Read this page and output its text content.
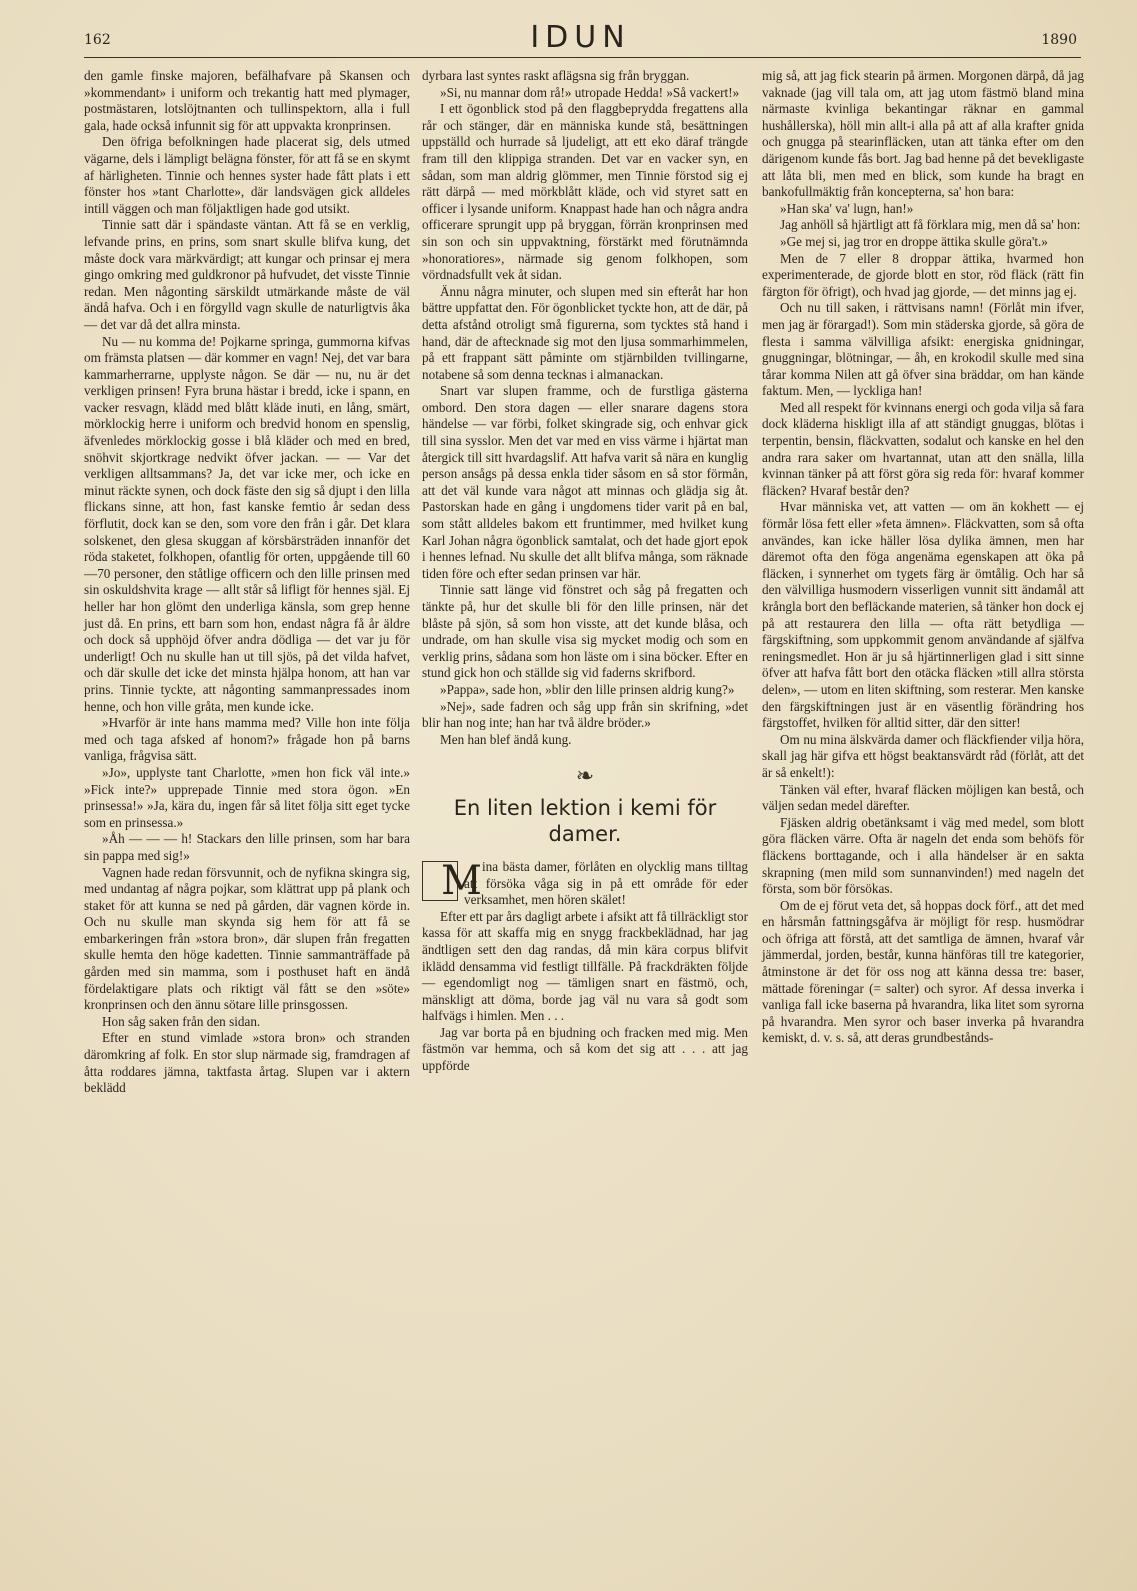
162	IDUN	1890

den gamle finske majoren, befälhafvare på Skansen och »kommendant» i uniform och trekantig hatt med plymager, postmästaren, lotslöjtnanten och tullinspektorn, alla i full gala, hade också infunnit sig för att uppvakta kronprinsen.

Den öfriga befolkningen hade placerat sig, dels utmed vägarne, dels i lämpligt belägna fönster, för att få se en skymt af härligheten. Tinnie och hennes syster hade fått plats i ett fönster hos »tant Charlotte», där landsvägen gick alldeles intill väggen och man följaktligen hade god utsikt.

Tinnie satt där i spändaste väntan. Att få se en verklig, lefvande prins, en prins, som snart skulle blifva kung, det måste dock vara märkvärdigt; att kungar och prinsar ej mera gingo omkring med guldkronor på hufvudet, det visste Tinnie redan. Men någonting särskildt utmärkande måste de väl ändå hafva. Och i en förgylld vagn skulle de naturligtvis åka — det var då det allra minsta.

Nu — nu komma de! Pojkarne springa, gummorna kifvas om främsta platsen — där kommer en vagn! Nej, det var bara kammarherrarne, upplyste någon. Se där — nu, nu är det verkligen prinsen! Fyra bruna hästar i bredd, icke i spann, en vacker resvagn, klädd med blått kläde inuti, en lång, smärt, mörklockig herre i uniform och bredvid honom en spenslig, äfvenledes mörklockig gosse i blå kläder och med en bred, snöhvit skjortkrage nedvikt öfver jackan. — — Var det verkligen alltsammans? Ja, det var icke mer, och icke en minut räckte synen, och dock fäste den sig så djupt i den lilla flickans sinne, att hon, fast kanske femtio år sedan dess förflutit, dock kan se den, som vore den från i går. Det klara solskenet, den glesa skuggan af körsbärsträden innanför det röda staketet, folkhopen, ofantlig för orten, uppgående till 60—70 personer, den ståtlige officern och den lille prinsen med sin oskuldshvita krage — allt står så lifligt för hennes själ. Ej heller har hon glömt den underliga känsla, som grep henne just då. En prins, ett barn som hon, endast några få år äldre och dock så upphöjd öfver andra dödliga — det var ju för underligt! Och nu skulle han ut till sjös, på det vilda hafvet, och där skulle det icke det minsta hjälpa honom, att han var prins. Tinnie tyckte, att någonting sammanpressades inom henne, och hon ville gråta, men kunde icke.

»Hvarför är inte hans mamma med? Ville hon inte följa med och taga afsked af honom?» frågade hon på barns vanliga, frågvisa sätt.

»Jo», upplyste tant Charlotte, »men hon fick väl inte.» »Fick inte?» upprepade Tinnie med stora ögon. »En prinsessa!» »Ja, kära du, ingen får så litet följa sitt eget tycke som en prinsessa.»

»Åh — — — h! Stackars den lille prinsen, som har bara sin pappa med sig!»

Vagnen hade redan försvunnit, och de nyfikna skingra sig, med undantag af några pojkar, som klättrat upp på plank och staket för att kunna se ned på gården, där vagnen körde in. Och nu skulle man skynda sig hem för att få se embarkeringen från »stora bron», där slupen från fregatten skulle hemta den höge kadetten. Tinnie sammanträffade på gården med sin mamma, som i posthuset haft en ändå fördelaktigare plats och riktigt väl fått se den »söte» kronprinsen och den ännu sötare lille prinsgossen.

Hon såg saken från den sidan.

Efter en stund vimlade »stora bron» och stranden däromkring af folk. En stor slup närmade sig, framdragen af åtta roddares jämna, taktfasta årtag. Slupen var i aktern beklädd

dyrbara last syntes raskt aflägsna sig från bryggan.

»Si, nu mannar dom rå!» utropade Hedda! »Så vackert!»

I ett ögonblick stod på den flaggbeprydda fregattens alla rår och stänger, där en människa kunde stå, besättningen uppställd och hurrade så ljudeligt, att ett eko däraf trängde fram till den klippiga stranden. Det var en vacker syn, en sådan, som man aldrig glömmer, men Tinnie förstod sig ej rätt därpå — med mörkblått kläde, och vid styret satt en officer i lysande uniform. Knappast hade han och några andra officerare sprungit upp på bryggan, förrän kronprinsen med sin son och sin uppvaktning, förstärkt med förutnämnda »honoratiores», närmade sig genom folkhopen, som vördnadsfullt vek åt sidan.

Ännu några minuter, och slupen med sin efteråt har hon bättre uppfattat den. För ögonblicket tyckte hon, att de där, på detta afstånd otroligt små figurerna, som tycktes stå hand i hand, där de aftecknade sig mot den ljusa sommarhimmelen, på ett frappant sätt påminte om stjärnbilden tvillingarne, notabene så som denna tecknas i almanackan.

Snart var slupen framme, och de furstliga gästerna ombord. Den stora dagen — eller snarare dagens stora händelse — var förbi, folket skingrade sig, och enhvar gick till sina sysslor. Men det var med en viss värme i hjärtat man återgick till sitt hvardagslif. Att hafva varit så nära en kunglig person ansågs på dessa enkla tider såsom en så stor förmån, att det väl kunde vara något att minnas och glädja sig åt. Pastorskan hade en gång i ungdomens tider varit på en bal, som stått alldeles bakom ett fruntimmer, med hvilket kung Karl Johan några ögonblick samtalat, och det hade gjort epok i hennes lefnad. Nu skulle det allt blifva många, som räknade tiden före och efter sedan prinsen var här.

Tinnie satt länge vid fönstret och såg på fregatten och tänkte på, hur det skulle bli för den lille prinsen, när det blåste på sjön, så som hon visste, att det kunde blåsa, och undrade, om han skulle visa sig mycket modig och som en verklig prins, sådana som hon läste om i sina böcker. Efter en stund gick hon och ställde sig vid faderns skrifbord.

»Pappa», sade hon, »blir den lille prinsen aldrig kung?»

»Nej», sade fadren och såg upp från sin skrifning, »det blir han nog inte; han har två äldre bröder.»

Men han blef ändå kung.

❧
En liten lektion i kemi för damer.

M ina bästa damer, förlåten en olycklig mans tilltag att försöka våga sig in på ett område för eder verksamhet, men hören skälet!

Efter ett par års dagligt arbete i afsikt att få tillräckligt stor kassa för att skaffa mig en snygg frackbeklädnad, har jag ändtligen sett den dag randas, då min kära corpus blifvit iklädd densamma vid festligt tillfälle. På frackdräkten följde — egendomligt nog — tämligen snart en fästmö, och, mänskligt att döma, borde jag väl nu vara så godt som halfvägs i himlen. Men . . .

Jag var borta på en bjudning och fracken med mig. Men fästmön var hemma, och så kom det sig att . . . att jag uppförde

mig så, att jag fick stearin på ärmen. Morgonen därpå, då jag vaknade (jag vill tala om, att jag utom fästmö bland mina närmaste kvinliga bekantingar räknar en gammal hushållerska), höll min allt-i alla på att af alla krafter gnida och gnugga på stearinfläcken, utan att tänka efter om den därigenom kunde fås bort. Jag bad henne på det bevekligaste att låta bli, men med en blick, som kunde ha bragt en bankofullmäktig från koncepterna, sa' hon bara:

»Han ska' va' lugn, han!»

Jag anhöll så hjärtligt att få förklara mig, men då sa' hon:

»Ge mej si, jag tror en droppe ättika skulle göra't.»

Men de 7 eller 8 droppar ättika, hvarmed hon experimenterade, de gjorde blott en stor, röd fläck (rätt fin färgton för öfrigt), och hvad jag gjorde, — det minns jag ej.

Och nu till saken, i rättvisans namn! (Förlåt min ifver, men jag är förargad!). Som min städerska gjorde, så göra de flesta i samma välvilliga afsikt: energiska gnidningar, gnuggningar, blötningar, — åh, en krokodil skulle med sina tårar komma Nilen att gå öfver sina bräddar, om han kände faktum. Men, — lyckliga han!

Med all respekt för kvinnans energi och goda vilja så fara dock kläderna hiskligt illa af att ständigt gnuggas, blötas i terpentin, bensin, fläckvatten, sodalut och kanske en hel den andra rara saker om hvartannat, utan att den snälla, lilla kvinnan tänker på att först göra sig reda för: hvaraf kommer fläcken? Hvaraf består den?

Hvar människa vet, att vatten — om än kokhett — ej förmår lösa fett eller »feta ämnen». Fläckvatten, som så ofta användes, kan icke häller lösa dylika ämnen, men har däremot ofta den föga angenäma egenskapen att öka på fläcken, i synnerhet om tygets färg är ömtålig. Och har så den välvilliga husmodern visserligen vunnit sitt ändamål att krångla bort den befläckande materien, så tänker hon dock ej på att restaurera den lilla — ofta rätt betydliga — färgskiftning, som uppkommit genom användande af själfva reningsmedlet. Hon är ju så hjärtinnerligen glad i sitt sinne öfver att hafva fått bort den otäcka fläcken »till allra största delen», — utom en liten skiftning, som resterar. Men kanske den färgskiftningen just är en väsentlig förändring hos färgstoffet, hvilken för alltid sitter, där den sitter!

Om nu mina älskvärda damer och fläckfiender vilja höra, skall jag här gifva ett högst beaktansvärdt råd (förlåt, att det är så enkelt!):

Tänken väl efter, hvaraf fläcken möjligen kan bestå, och väljen sedan medel därefter.

Fjäsken aldrig obetänksamt i väg med medel, som blott göra fläcken värre. Ofta är nageln det enda som behöfs för fläckens borttagande, och i alla händelser är en sakta skrapning (men mild som sunnanvinden!) med nageln det första, som bör försökas.

Om de ej förut veta det, så hoppas dock förf., att det med en hårsmån fattningsgåfva är möjligt för resp. husmödrar och öfriga att förstå, att det samtliga de ämnen, hvaraf vår jämmerdal, jorden, består, kunna hänföras till tre kategorier, åtminstone är det för oss nog att känna dessa tre: baser, mättade föreningar (= salter) och syror. Af dessa inverka i vanliga fall icke baserna på hvarandra, lika litet som syrorna på hvarandra. Men syror och baser inverka på hvarandra kemiskt, d. v. s. så, att deras grundbestånds-
